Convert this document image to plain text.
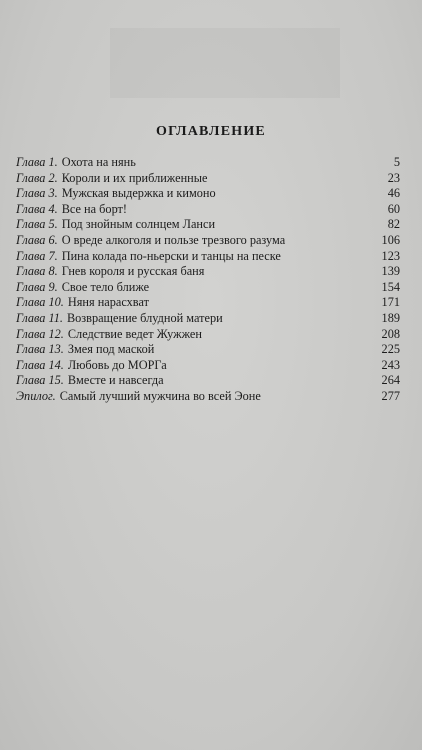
ОГЛАВЛЕНИЕ
Глава 1. Охота на нянь	5
Глава 2. Короли и их приближенные	23
Глава 3. Мужская выдержка и кимоно	46
Глава 4. Все на борт!	60
Глава 5. Под знойным солнцем Ланси	82
Глава 6. О вреде алкоголя и пользе трезвого разума	106
Глава 7. Пина колада по-ньерски и танцы на песке	123
Глава 8. Гнев короля и русская баня	139
Глава 9. Свое тело ближе	154
Глава 10. Няня нарасхват	171
Глава 11. Возвращение блудной матери	189
Глава 12. Следствие ведет Жужжен	208
Глава 13. Змея под маской	225
Глава 14. Любовь до МОРГа	243
Глава 15. Вместе и навсегда	264
Эпилог. Самый лучший мужчина во всей Эоне	277
